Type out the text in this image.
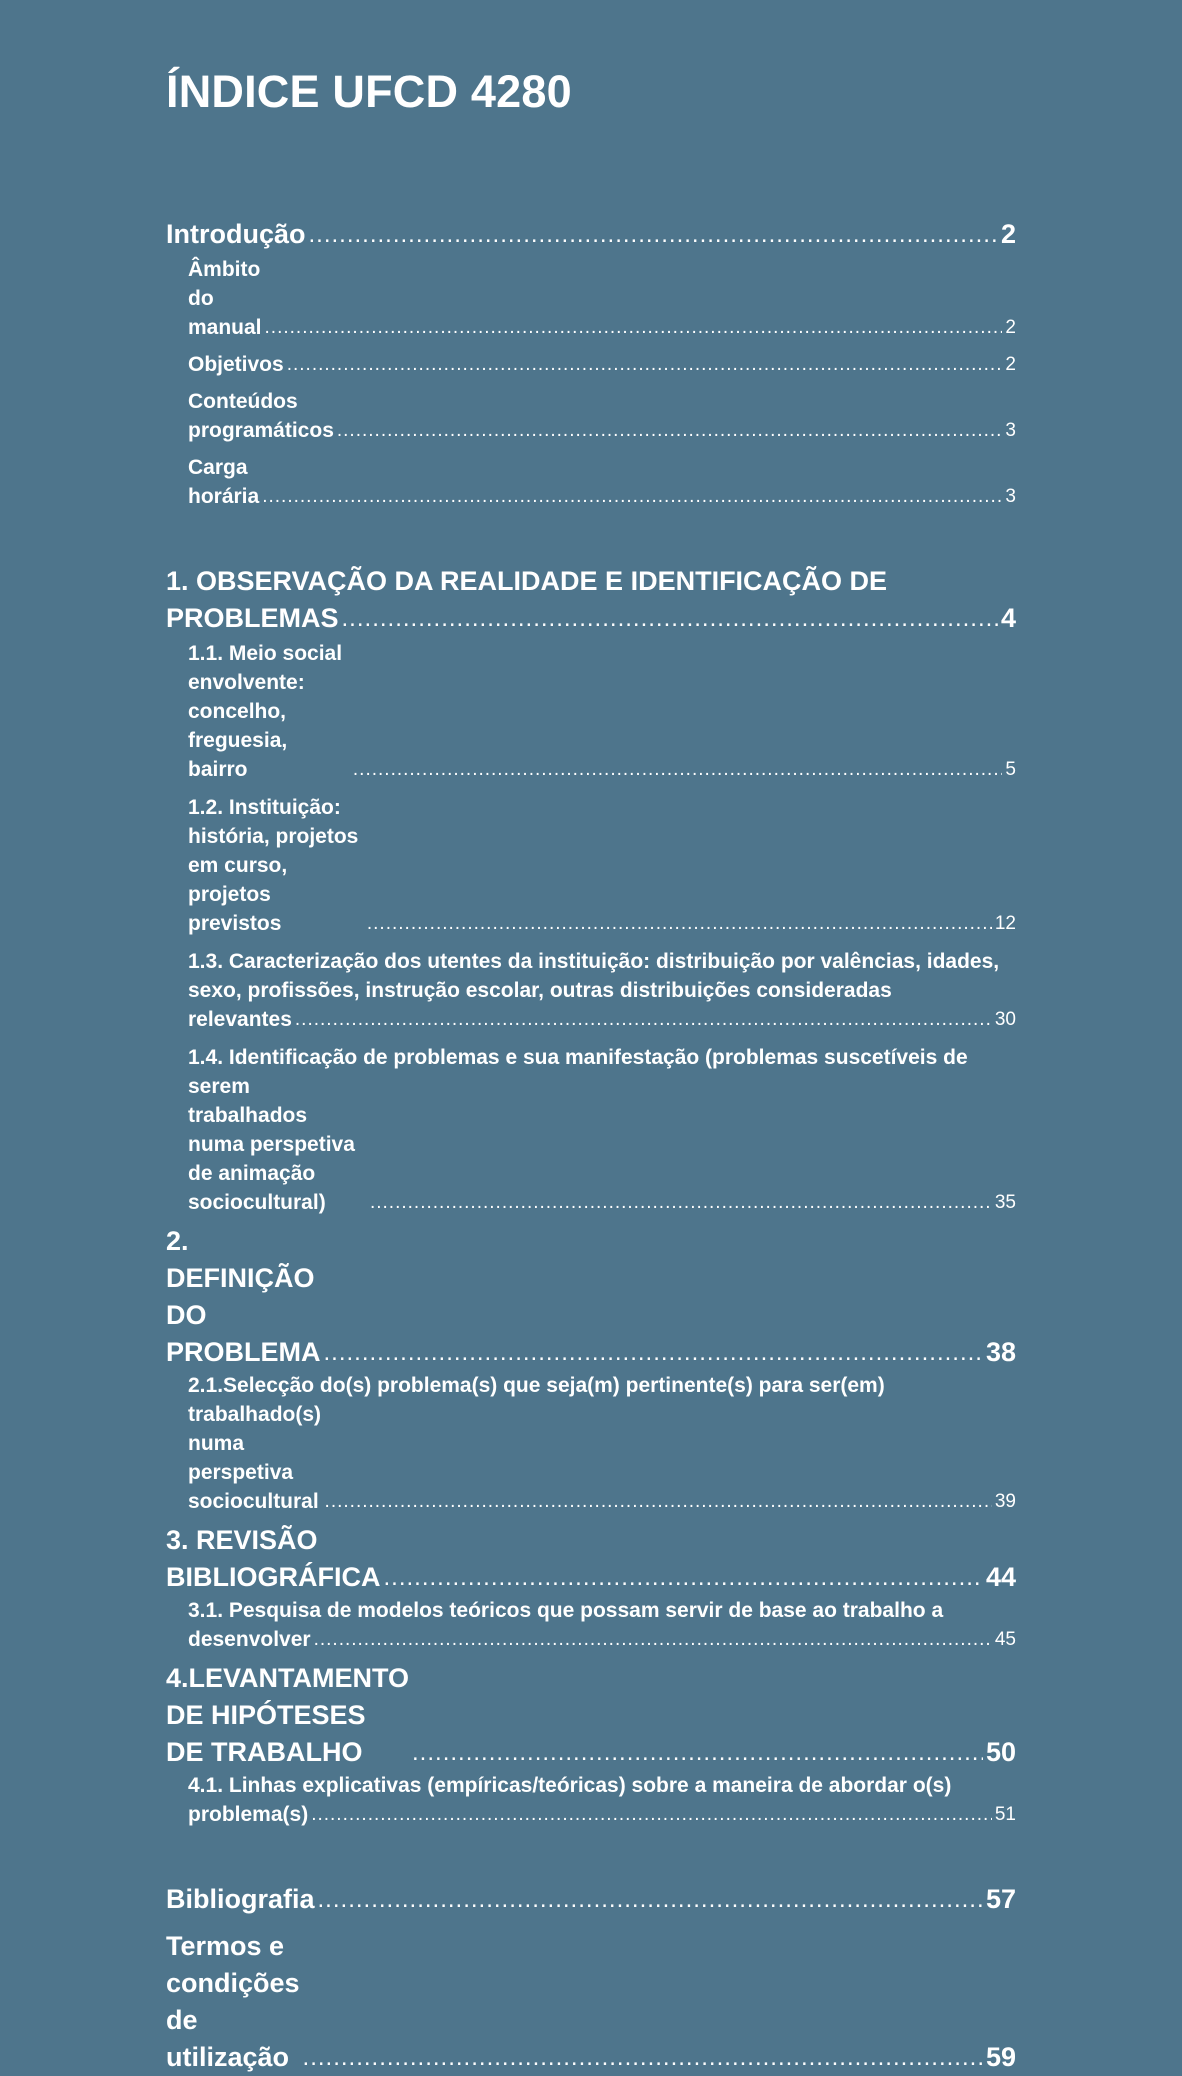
ÍNDICE UFCD 4280
Introdução .....	2
Âmbito do manual .....	2
Objetivos .....	2
Conteúdos programáticos .....	3
Carga horária .....	3
1. OBSERVAÇÃO DA REALIDADE E IDENTIFICAÇÃO DE
PROBLEMAS .....	4
1.1. Meio social envolvente: concelho, freguesia, bairro .....	5
1.2. Instituição: história, projetos em curso, projetos previstos .....	12
1.3. Caracterização dos utentes da instituição: distribuição por valências, idades, sexo, profissões, instrução escolar, outras distribuições consideradas
relevantes .....	30
1.4. Identificação de problemas e sua manifestação (problemas suscetíveis de
serem trabalhados numa perspetiva de animação sociocultural) .....	35
2. DEFINIÇÃO DO PROBLEMA .....	38
2.1.Selecção do(s) problema(s) que seja(m) pertinente(s) para ser(em)
trabalhado(s) numa perspetiva sociocultural .....	39
3. REVISÃO BIBLIOGRÁFICA .....	44
3.1. Pesquisa de modelos teóricos que possam servir de base ao trabalho a
desenvolver .....	45
4.LEVANTAMENTO DE HIPÓTESES DE TRABALHO .....	50
4.1. Linhas explicativas (empíricas/teóricas) sobre a maneira de abordar o(s)
problema(s) .....	51
Bibliografia .....	57
Termos e condições de utilização .....	59
